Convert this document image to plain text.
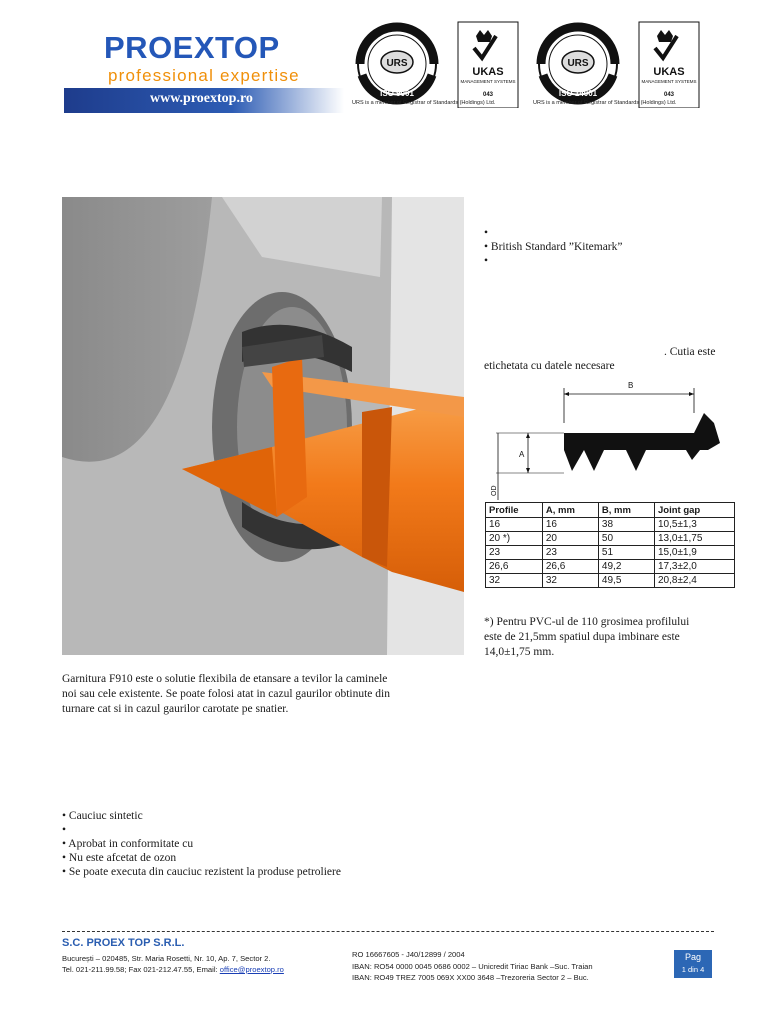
PROEXTOP
professional expertise
www.proextop.ro
URS
ISO 9001
UKAS
MANAGEMENT SYSTEMS
043
URS is a member of Registrar of Standards (Holdings) Ltd.
URS
ISO 14001
UKAS
MANAGEMENT SYSTEMS
043
URS is a member of Registrar of Standards (Holdings) Ltd.
•
• British Standard ”Kitemark”
•
. Cutia este
etichetata cu datele necesare
B
A
OD
Profile	A, mm	B, mm	Joint gap
16	16	38	10,5±1,3
20 *)	20	50	13,0±1,75
23	23	51	15,0±1,9
26,6	26,6	49,2	17,3±2,0
32	32	49,5	20,8±2,4
*) Pentru PVC-ul de 110 grosimea profilului
este de 21,5mm spatiul dupa imbinare este
14,0±1,75 mm.
Garnitura F910 este o solutie flexibila de etansare a tevilor la caminele
noi sau cele existente. Se poate folosi atat in cazul gaurilor obtinute din
turnare cat si in cazul gaurilor carotate pe snatier.
• Cauciuc sintetic
•
• Aprobat in conformitate cu
• Nu este afcetat de ozon
• Se poate executa din cauciuc rezistent la produse petroliere
S.C. PROEX TOP S.R.L.
București – 020485, Str. Maria Rosetti, Nr. 10, Ap. 7, Sector 2.
Tel. 021-211.99.58; Fax 021-212.47.55, Email: office@proextop.ro
RO 16667605 - J40/12899 / 2004
IBAN: RO54 0000 0045 0686 0002 – Unicredit Tiriac Bank –Suc. Traian
IBAN: RO49 TREZ 7005 069X XX00 3648 –Trezoreria Sector 2 – Buc.
Pag
1 din 4
